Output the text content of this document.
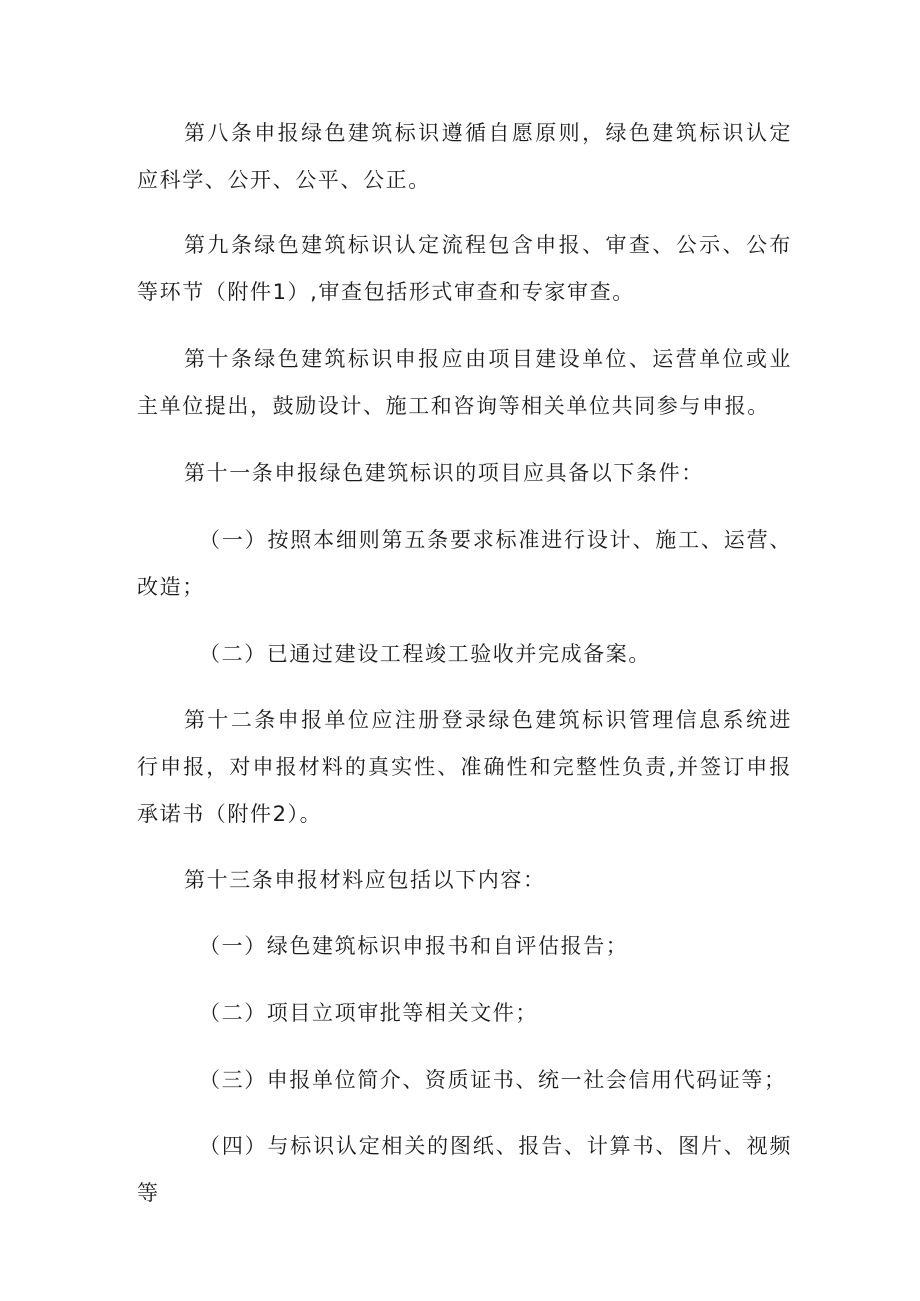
第八条申报绿色建筑标识遵循自愿原则，绿色建筑标识认定应科学、公开、公平、公正。

第九条绿色建筑标识认定流程包含申报、审查、公示、公布等环节（附件1）,审查包括形式审查和专家审查。

第十条绿色建筑标识申报应由项目建设单位、运营单位或业主单位提出，鼓励设计、施工和咨询等相关单位共同参与申报。

第十一条申报绿色建筑标识的项目应具备以下条件：

（一）按照本细则第五条要求标准进行设计、施工、运营、改造；

（二）已通过建设工程竣工验收并完成备案。

第十二条申报单位应注册登录绿色建筑标识管理信息系统进行申报，对申报材料的真实性、准确性和完整性负责,并签订申报承诺书（附件2）。

第十三条申报材料应包括以下内容：

（一）绿色建筑标识申报书和自评估报告；

（二）项目立项审批等相关文件；

（三）申报单位简介、资质证书、统一社会信用代码证等；

（四）与标识认定相关的图纸、报告、计算书、图片、视频等
